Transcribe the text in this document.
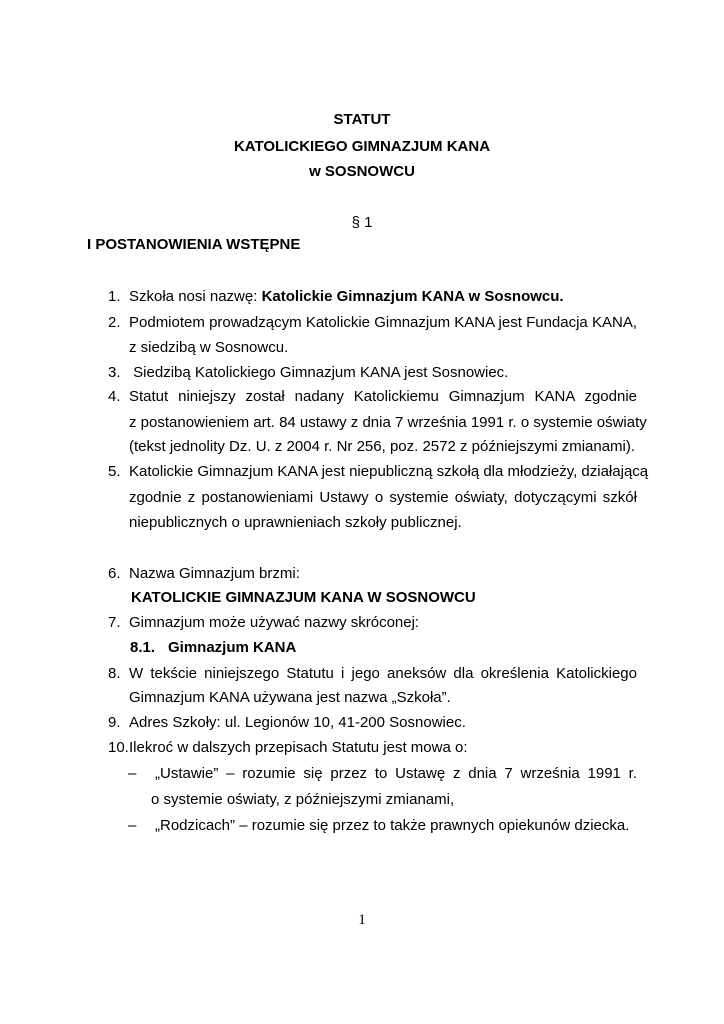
STATUT
KATOLICKIEGO GIMNAZJUM KANA
w SOSNOWCU
§ 1
I POSTANOWIENIA WSTĘPNE
1. Szkoła nosi nazwę: Katolickie Gimnazjum KANA w Sosnowcu.
2. Podmiotem prowadzącym Katolickie Gimnazjum KANA jest Fundacja KANA,
z siedzibą w Sosnowcu.
3. Siedzibą Katolickiego Gimnazjum KANA jest Sosnowiec.
4. Statut niniejszy został nadany Katolickiemu Gimnazjum KANA zgodnie
z postanowieniem art. 84 ustawy z dnia 7 września 1991 r. o systemie oświaty
(tekst jednolity Dz. U. z 2004 r. Nr 256, poz. 2572 z późniejszymi zmianami).
5. Katolickie Gimnazjum KANA jest niepubliczną szkołą dla młodzieży, działającą
zgodnie z postanowieniami Ustawy o systemie oświaty, dotyczącymi szkół
niepublicznych o uprawnieniach szkoły publicznej.
6. Nazwa Gimnazjum brzmi:
KATOLICKIE GIMNAZJUM KANA W SOSNOWCU
7. Gimnazjum może używać nazwy skróconej:
8.1. Gimnazjum KANA
8. W tekście niniejszego Statutu i jego aneksów dla określenia Katolickiego
Gimnazjum KANA używana jest nazwa „Szkoła”.
9. Adres Szkoły: ul. Legionów 10, 41-200 Sosnowiec.
10. Ilekroć w dalszych przepisach Statutu jest mowa o:
– „Ustawie” – rozumie się przez to Ustawę z dnia 7 września 1991 r.
o systemie oświaty, z późniejszymi zmianami,
– „Rodzicach” – rozumie się przez to także prawnych opiekunów dziecka.
1
